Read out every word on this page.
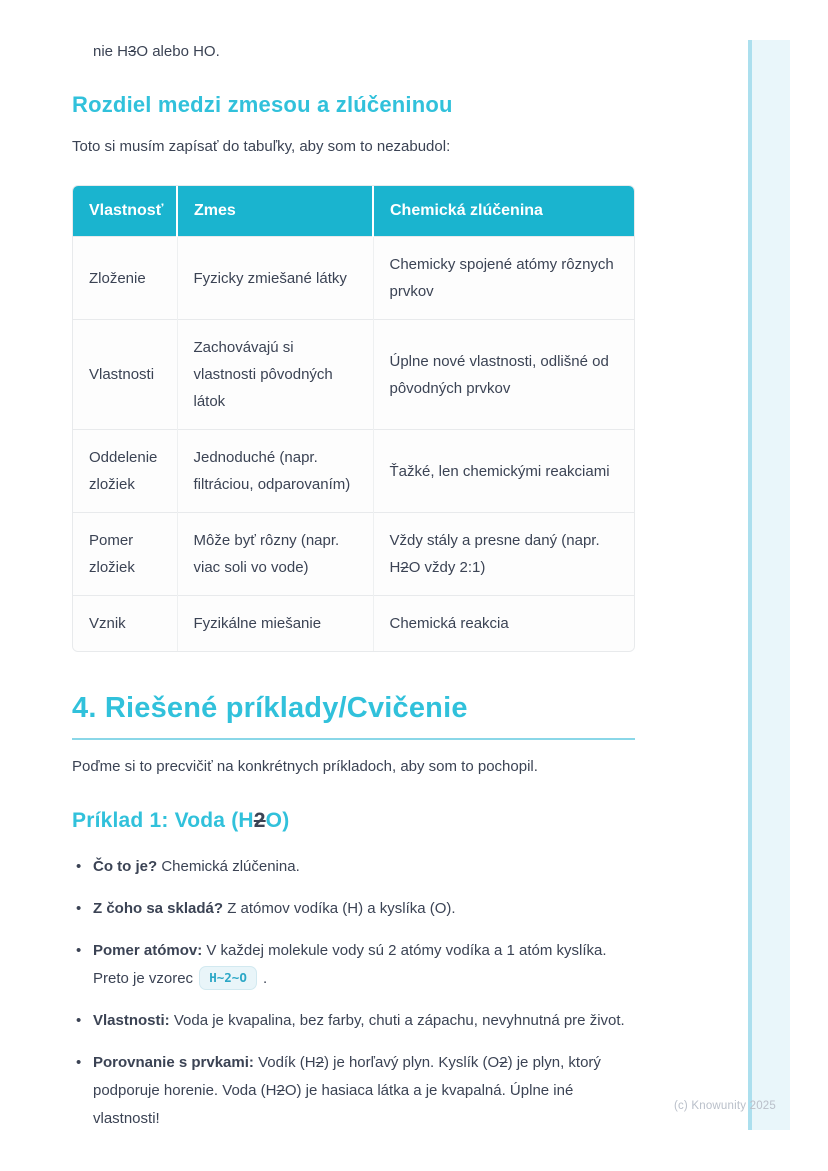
(c) Knowunity 2025

nie H3O alebo HO.

Rozdiel medzi zmesou a zlúčeninou

Toto si musím zapísať do tabuľky, aby som to nezabudol:

Vlastnosť	Zmes	Chemická zlúčenina
Zloženie	Fyzicky zmiešané látky	Chemicky spojené atómy rôznych prvkov
Vlastnosti	Zachovávajú si vlastnosti pôvodných látok	Úplne nové vlastnosti, odlišné od pôvodných prvkov
Oddelenie zložiek	Jednoduché (napr. filtráciou, odparovaním)	Ťažké, len chemickými reakciami
Pomer zložiek	Môže byť rôzny (napr. viac soli vo vode)	Vždy stály a presne daný (napr. H2O vždy 2:1)
Vznik	Fyzikálne miešanie	Chemická reakcia
4. Riešené príklady/Cvičenie

Poďme si to precvičiť na konkrétnych príkladoch, aby som to pochopil.

Príklad 1: Voda (H2O)
• Čo to je? Chemická zlúčenina.
• Z čoho sa skladá? Z atómov vodíka (H) a kyslíka (O).
• Pomer atómov: V každej molekule vody sú 2 atómy vodíka a 1 atóm kyslíka. Preto je vzorec H~2~O .
• Vlastnosti: Voda je kvapalina, bez farby, chuti a zápachu, nevyhnutná pre život.
• Porovnanie s prvkami: Vodík (H2) je horľavý plyn. Kyslík (O2) je plyn, ktorý podporuje horenie. Voda (H2O) je hasiaca látka a je kvapalná. Úplne iné vlastnosti!
